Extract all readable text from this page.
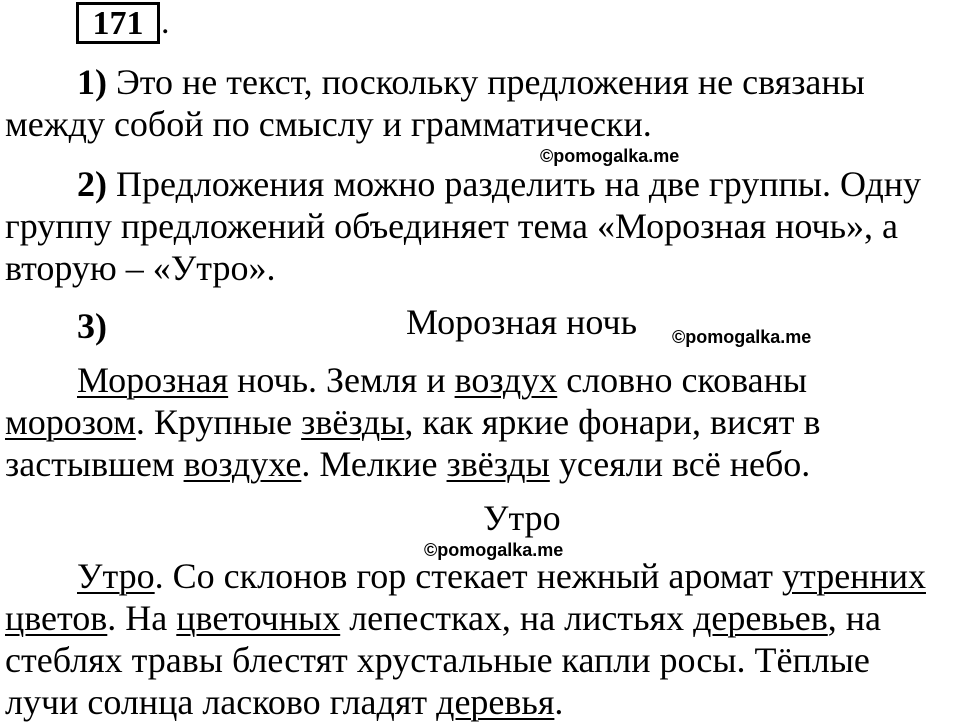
171 .
1) Это не текст, поскольку предложения не связаны
между собой по смыслу и грамматически.
©pomogalka.me
2) Предложения можно разделить на две группы. Одну
группу предложений объединяет тема «Морозная ночь», а
вторую – «Утро».
3)	Морозная ночь ©pomogalka.me
Морозная ночь. Земля и воздух словно скованы
морозом. Крупные звёзды, как яркие фонари, висят в
застывшем воздухе. Мелкие звёзды усеяли всё небо.
Утро
©pomogalka.me
Утро. Со склонов гор стекает нежный аромат утренних
цветов. На цветочных лепестках, на листьях деревьев, на
стеблях травы блестят хрустальные капли росы. Тёплые
лучи солнца ласково гладят деревья.
